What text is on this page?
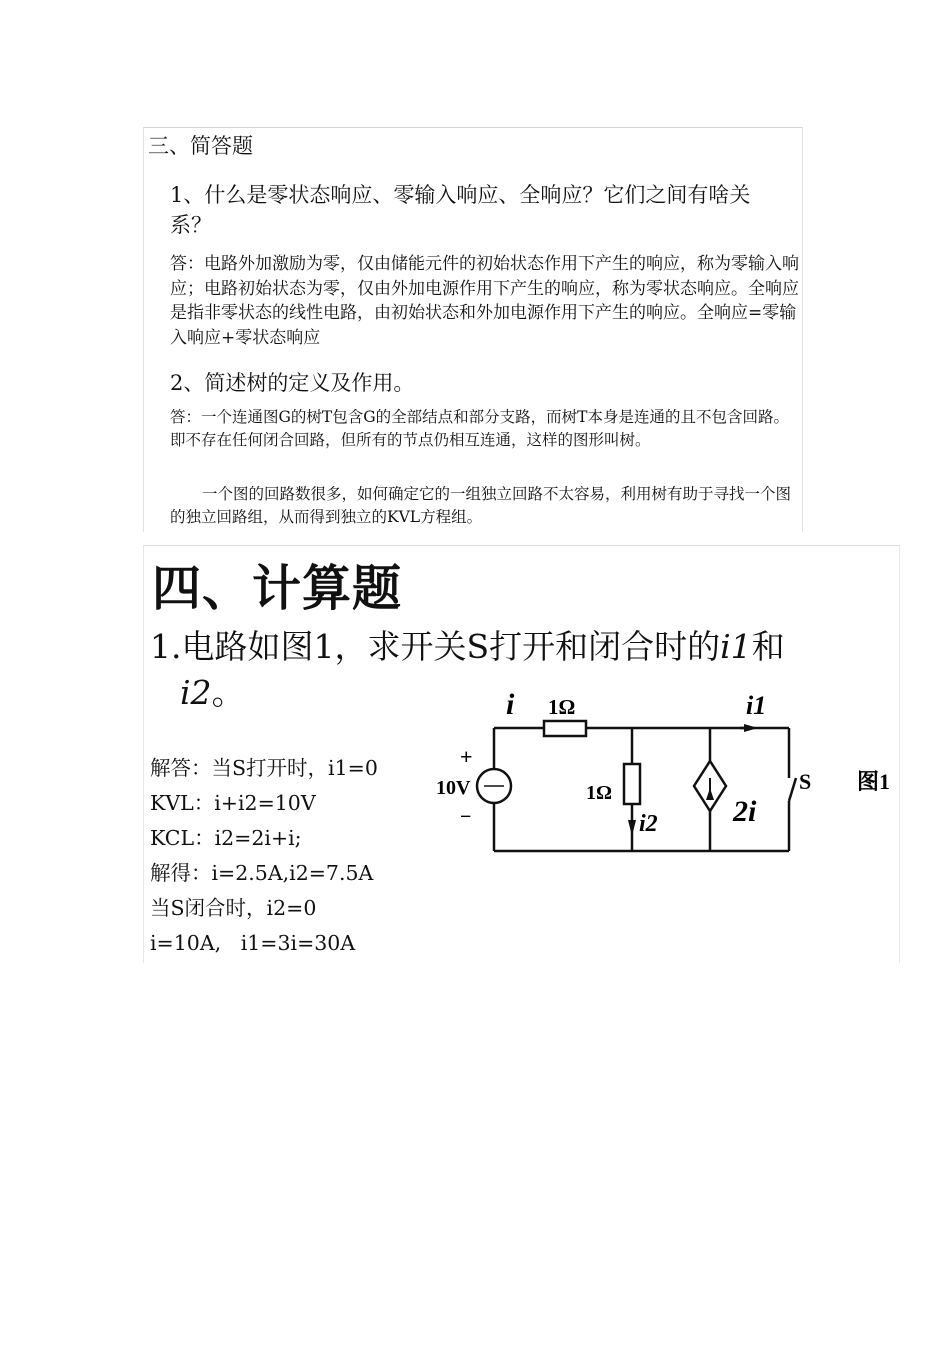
三、简答题
1、什么是零状态响应、零输入响应、全响应？它们之间有啥关系？
答：电路外加激励为零，仅由储能元件的初始状态作用下产生的响应，称为零输入响应；电路初始状态为零，仅由外加电源作用下产生的响应，称为零状态响应。全响应是指非零状态的线性电路，由初始状态和外加电源作用下产生的响应。全响应=零输入响应+零状态响应
2、简述树的定义及作用。
答：一个连通图G的树T包含G的全部结点和部分支路，而树T本身是连通的且不包含回路。即不存在任何闭合回路，但所有的节点仍相互连通，这样的图形叫树。
一个图的回路数很多，如何确定它的一组独立回路不太容易，利用树有助于寻找一个图的独立回路组，从而得到独立的KVL方程组。
四、计算题
1.电路如图1，求开关S打开和闭合时的i1和
i2。
解答：当S打开时，i1=0
KVL：i+i2=10V
KCL：i2=2i+i;
解得：i=2.5A,i2=7.5A
当S闭合时，i2=0
i=10A,   i1=3i=30A
i 1Ω	i1
+
10V
−
1Ω
i2	2i
S 图1
